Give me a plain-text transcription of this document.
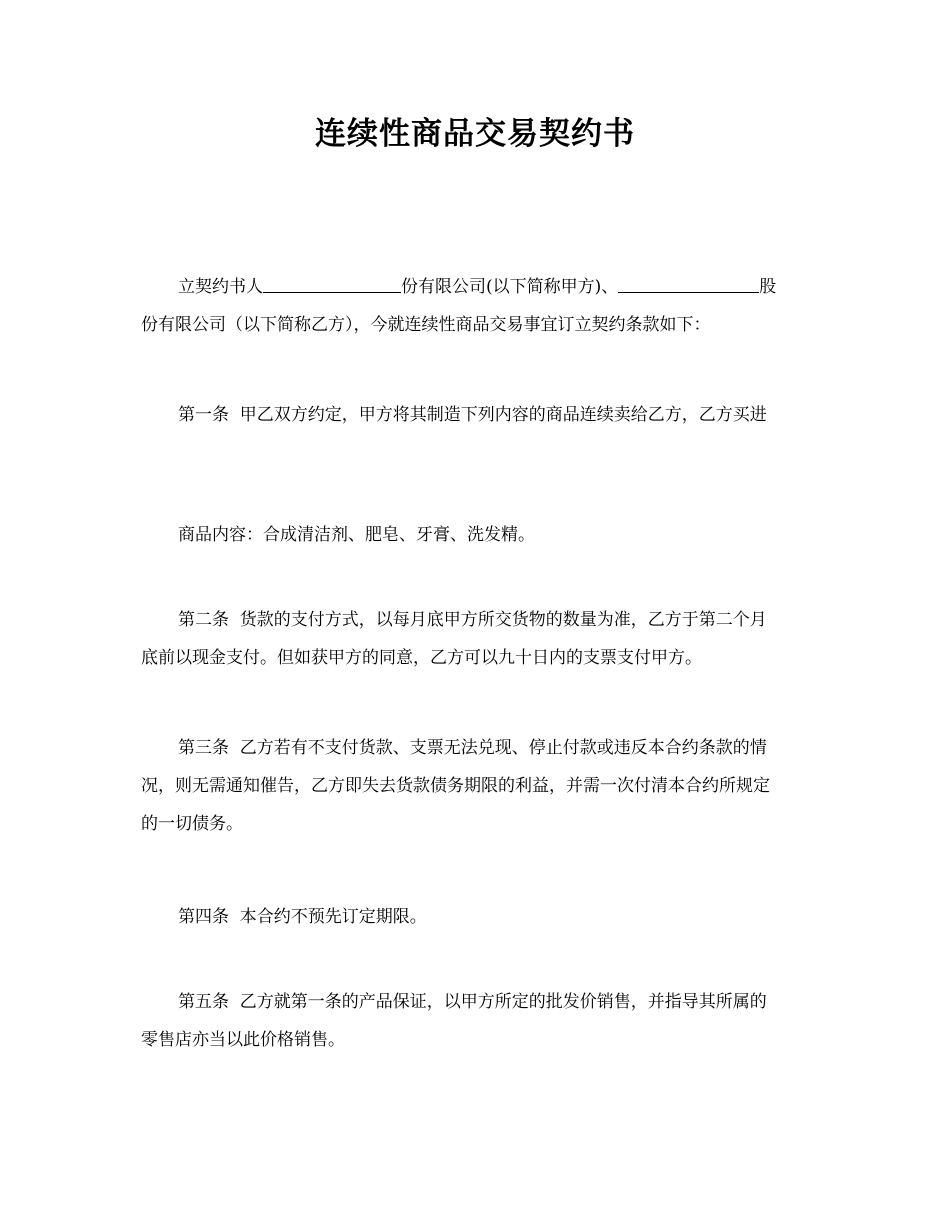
连续性商品交易契约书
立契约书人	份有限公司(以下简称甲方)、	股
份有限公司（以下简称乙方），今就连续性商品交易事宜订立契约条款如下：
第一条  甲乙双方约定，甲方将其制造下列内容的商品连续卖给乙方，乙方买进
商品内容：合成清洁剂、肥皂、牙膏、洗发精。
第二条  货款的支付方式，以每月底甲方所交货物的数量为准，乙方于第二个月
底前以现金支付。但如获甲方的同意，乙方可以九十日内的支票支付甲方。
第三条  乙方若有不支付货款、支票无法兑现、停止付款或违反本合约条款的情
况，则无需通知催告，乙方即失去货款债务期限的利益，并需一次付清本合约所规定
的一切债务。
第四条  本合约不预先订定期限。
第五条  乙方就第一条的产品保证，以甲方所定的批发价销售，并指导其所属的
零售店亦当以此价格销售。
